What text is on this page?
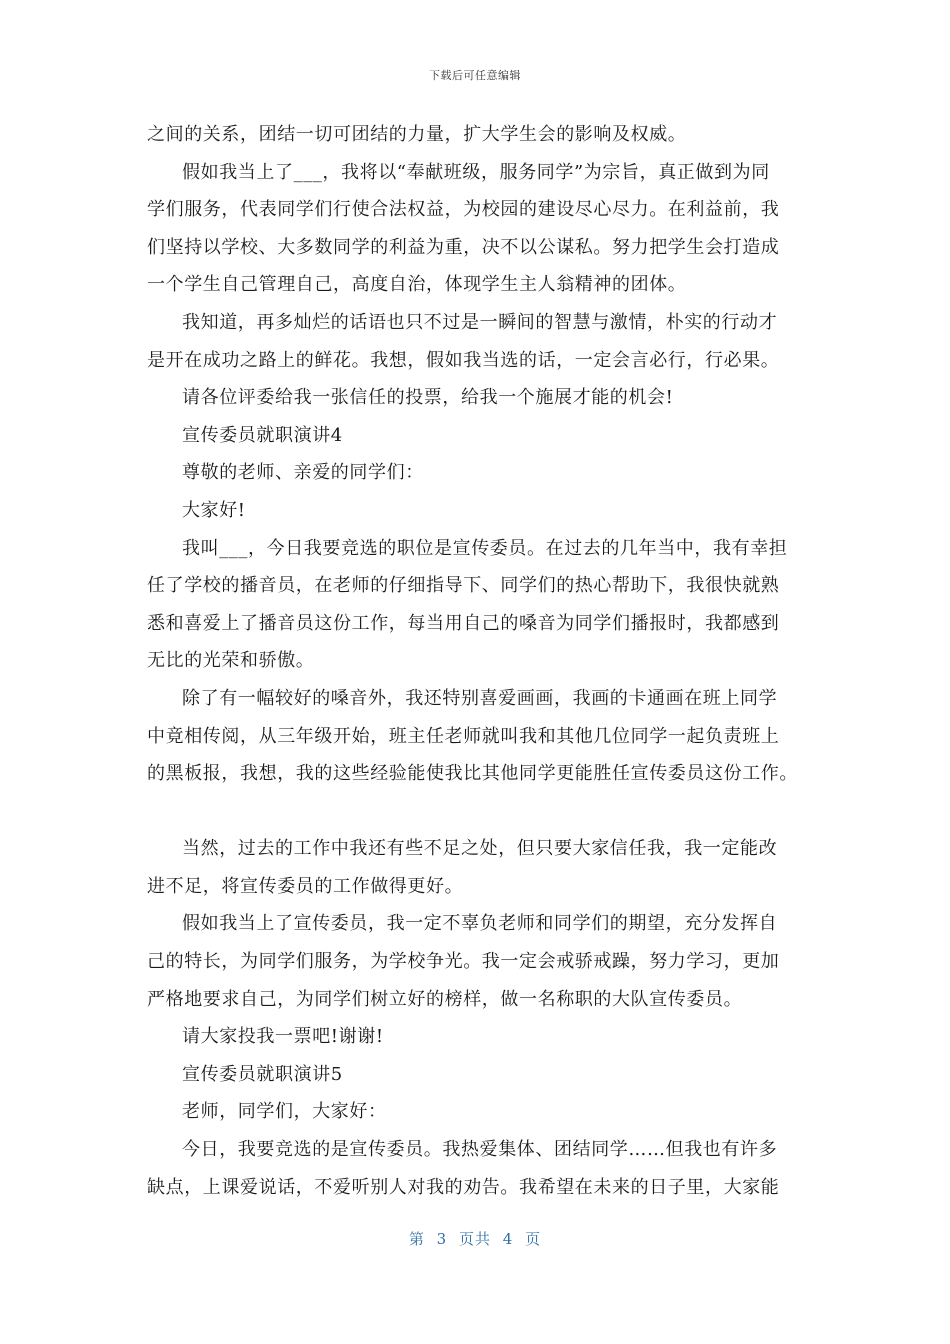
下载后可任意编辑
之间的关系，团结一切可团结的力量，扩大学生会的影响及权威。
假如我当上了___，我将以“奉献班级，服务同学”为宗旨，真正做到为同
学们服务，代表同学们行使合法权益，为校园的建设尽心尽力。在利益前，我
们坚持以学校、大多数同学的利益为重，决不以公谋私。努力把学生会打造成
一个学生自己管理自己，高度自治，体现学生主人翁精神的团体。
我知道，再多灿烂的话语也只不过是一瞬间的智慧与激情，朴实的行动才
是开在成功之路上的鲜花。我想，假如我当选的话，一定会言必行，行必果。
请各位评委给我一张信任的投票，给我一个施展才能的机会!
宣传委员就职演讲4
尊敬的老师、亲爱的同学们：
大家好!
我叫___，今日我要竞选的职位是宣传委员。在过去的几年当中，我有幸担
任了学校的播音员，在老师的仔细指导下、同学们的热心帮助下，我很快就熟
悉和喜爱上了播音员这份工作，每当用自己的嗓音为同学们播报时，我都感到
无比的光荣和骄傲。
除了有一幅较好的嗓音外，我还特别喜爱画画，我画的卡通画在班上同学
中竟相传阅，从三年级开始，班主任老师就叫我和其他几位同学一起负责班上
的黑板报，我想，我的这些经验能使我比其他同学更能胜任宣传委员这份工作。
当然，过去的工作中我还有些不足之处，但只要大家信任我，我一定能改
进不足，将宣传委员的工作做得更好。
假如我当上了宣传委员，我一定不辜负老师和同学们的期望，充分发挥自
己的特长，为同学们服务，为学校争光。我一定会戒骄戒躁，努力学习，更加
严格地要求自己，为同学们树立好的榜样，做一名称职的大队宣传委员。
请大家投我一票吧!谢谢!
宣传委员就职演讲5
老师，同学们，大家好：
今日，我要竞选的是宣传委员。我热爱集体、团结同学……但我也有许多
缺点，上课爱说话，不爱听别人对我的劝告。我希望在未来的日子里，大家能
第 3 页共 4 页
